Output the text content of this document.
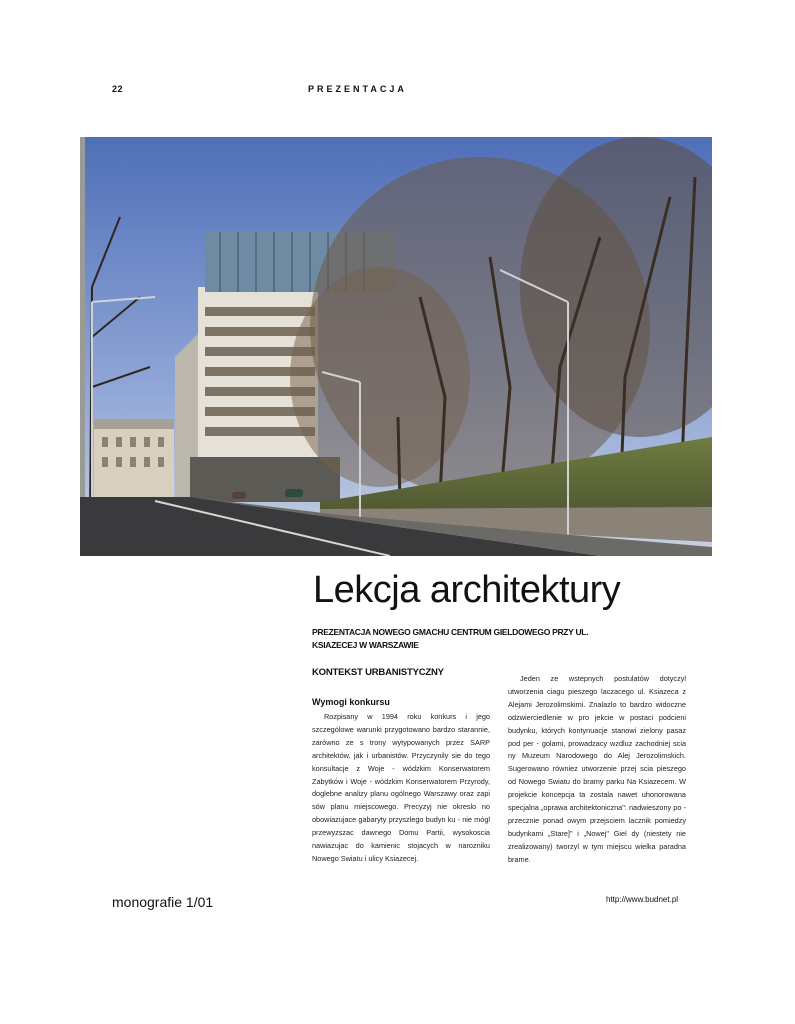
22	PREZENTACJA
Lekcja architektury
PREZENTACJA NOWEGO GMACHU CENTRUM GIELDOWEGO PRZY UL. KSIAZECEJ W WARSZAWIE
KONTEKST URBANISTYCZNY
Wymogi konkursu

Rozpisany w 1994 roku konkurs i jego szczególowe warunki przygotowano bardzo starannie, zarówno ze s trony wytypowanych przez SARP architektów, jak i urbanistów. Przyczynily sie do tego konsultacje z Woje - wódzkim Konserwatorem Zabytków i Woje - wódzkim Konserwatorem Przyrody, doglebne analizy planu ogólnego Warszawy oraz zapi sów planu miejscowego. Precyzyj nie okreslo no obowiazujace gabaryty przyszlego budyn ku - nie mógl przewyzszac dawnego Domu Partii, wysokoscia nawiazujac do kamienic stojacych w narozniku Nowego Swiatu i ulicy Ksiazecej.

Jeden ze wstepnych postulatów dotyczyl utworzenia ciagu pieszego laczacego ul. Ksiazeca z Alejami Jerozolimskimi. Znalazlo to bardzo widoczne odzwierciedlenie w pro jekcie w postaci podcieni budynku, których kontynuacje stanowi zielony pasaz pod per - golami, prowadzacy wzdluz zachodniej scia ny Muzeum Narodowego do Alej Jerozolimskich. Sugerowano równiez utworzenie przej scia pieszego od Nowego Swiatu do bramy parku Na Ksiazecem. W projekcie koncepcja ta zostala nawet uhonorowana specjalna „oprawa architektoniczna": nadwieszony po - przecznie ponad owym przejsciem lacznik pomiedzy budynkami „Stare]" i „Nowej" Giel dy (niestety nie zrealizowany) tworzyl w tym miejscu wielka paradna brame.

monografie 1/01	http://www.budnet.pl
